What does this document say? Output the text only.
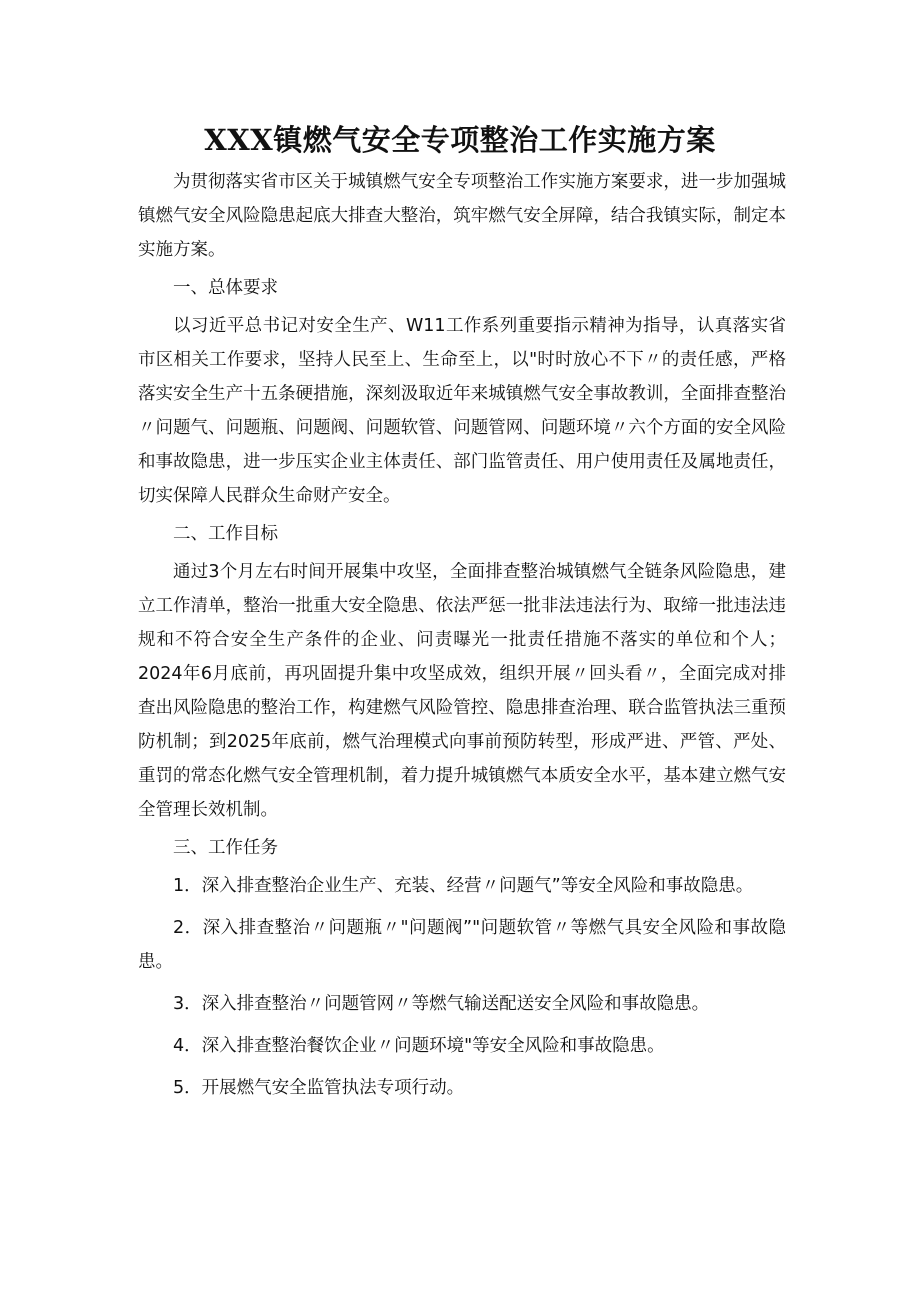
XXX镇燃气安全专项整治工作实施方案

为贯彻落实省市区关于城镇燃气安全专项整治工作实施方案要求，进一步加强城镇燃气安全风险隐患起底大排查大整治，筑牢燃气安全屏障，结合我镇实际，制定本实施方案。

一、总体要求

以习近平总书记对安全生产、W11工作系列重要指示精神为指导，认真落实省市区相关工作要求，坚持人民至上、生命至上，以"时时放心不下〃的责任感，严格落实安全生产十五条硬措施，深刻汲取近年来城镇燃气安全事故教训，全面排查整治〃问题气、问题瓶、问题阀、问题软管、问题管网、问题环境〃六个方面的安全风险和事故隐患，进一步压实企业主体责任、部门监管责任、用户使用责任及属地责任，切实保障人民群众生命财产安全。

二、工作目标

通过3个月左右时间开展集中攻坚，全面排查整治城镇燃气全链条风险隐患，建立工作清单，整治一批重大安全隐患、依法严惩一批非法违法行为、取缔一批违法违规和不符合安全生产条件的企业、问责曝光一批责任措施不落实的单位和个人；2024年6月底前，再巩固提升集中攻坚成效，组织开展〃回头看〃，全面完成对排查出风险隐患的整治工作，构建燃气风险管控、隐患排查治理、联合监管执法三重预防机制；到2025年底前，燃气治理模式向事前预防转型，形成严进、严管、严处、重罚的常态化燃气安全管理机制，着力提升城镇燃气本质安全水平，基本建立燃气安全管理长效机制。

三、工作任务

1．深入排查整治企业生产、充装、经营〃问题气”等安全风险和事故隐患。

2．深入排查整治〃问题瓶〃"问题阀”"问题软管〃等燃气具安全风险和事故隐患。

3．深入排查整治〃问题管网〃等燃气输送配送安全风险和事故隐患。

4．深入排查整治餐饮企业〃问题环境"等安全风险和事故隐患。

5．开展燃气安全监管执法专项行动。
